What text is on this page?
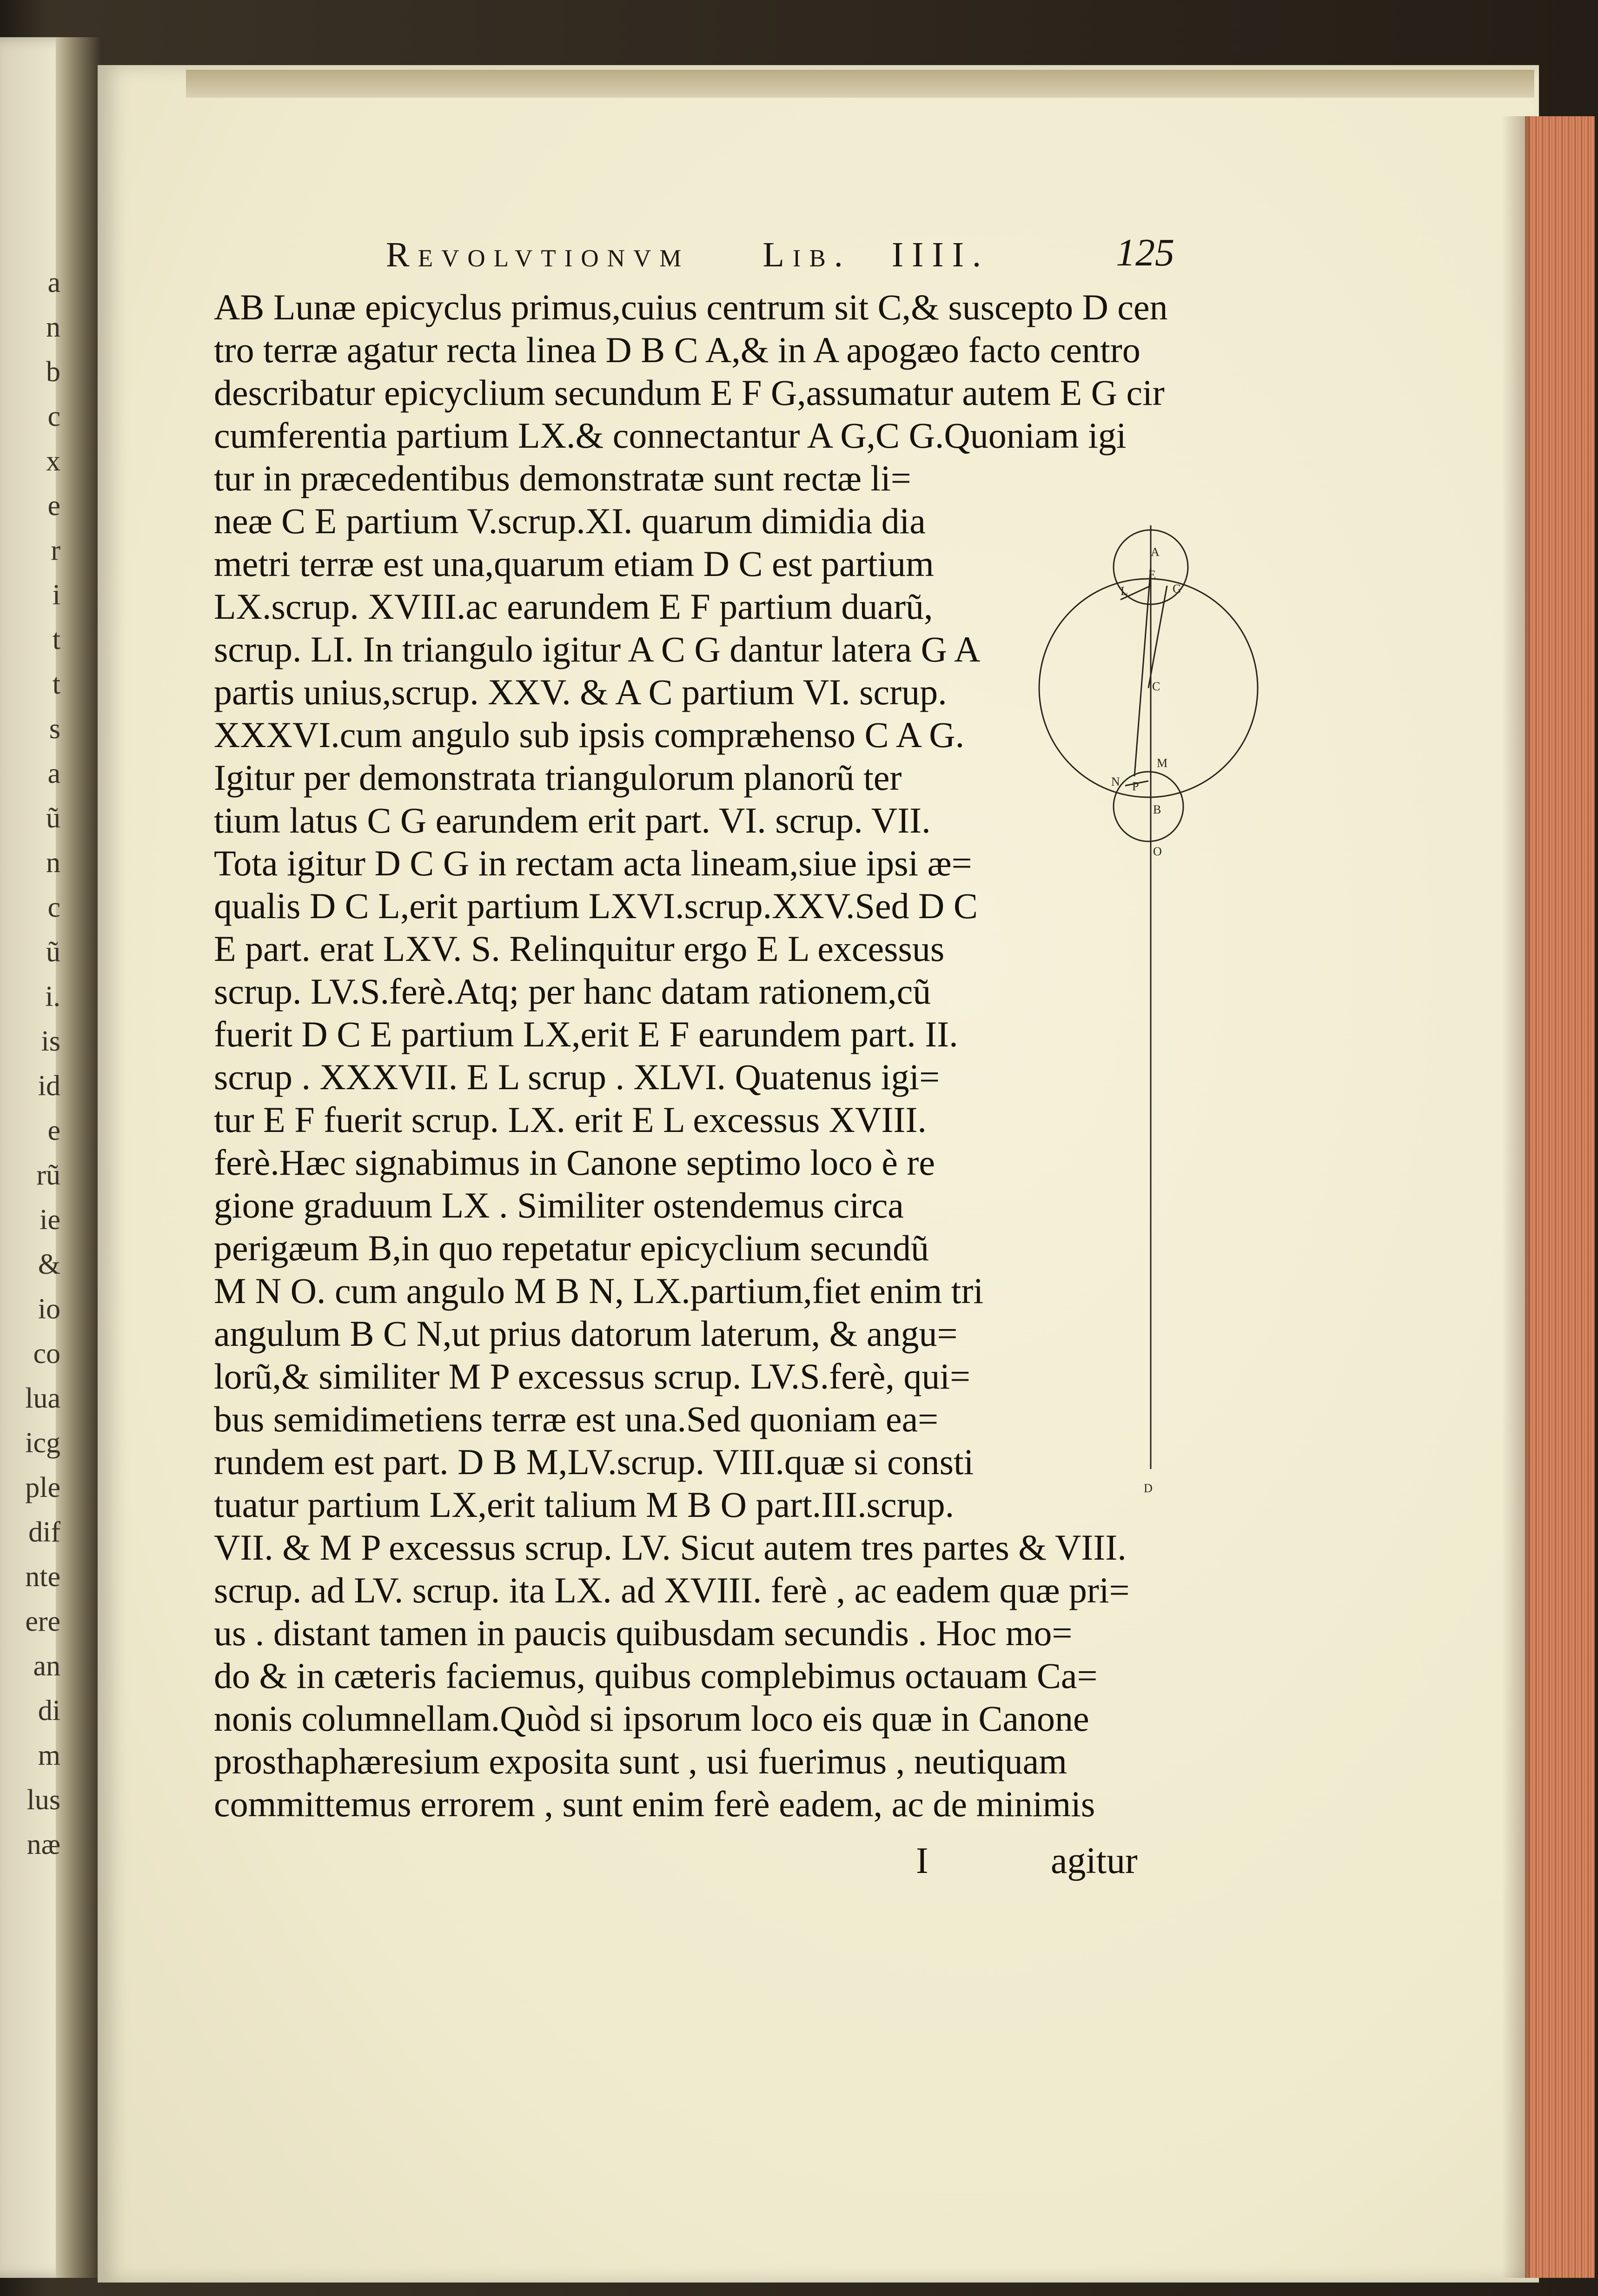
a
n
b
c
x
e
r
i
t
t
s
a
ũ
n
c
ũ
i.
is
id
e
rũ
ie
&
io
co
lua
icg
ple
dif
nte
ere
an
di
m
lus
næ
Revolvtionvm Lib. IIII.	125
AB Lunæ epicyclus primus,cuius centrum sit C,& suscepto D cen
tro terræ agatur recta linea D B C A,& in A apogæo facto centro
describatur epicyclium secundum E F G,assumatur autem E G cir
cumferentia partium LX.& connectantur A G,C G.Quoniam igi
tur in præcedentibus demonstratæ sunt rectæ li=
neæ C E partium V.scrup.XI. quarum dimidia dia
metri terræ est una,quarum etiam D C est partium
LX.scrup. XVIII.ac earundem E F partium duarũ,
scrup. LI. In triangulo igitur A C G dantur latera G A
partis unius,scrup. XXV. & A C partium VI. scrup.
XXXVI.cum angulo sub ipsis compræhenso C A G.
Igitur per demonstrata triangulorum planorũ ter
tium latus C G earundem erit part. VI. scrup. VII.
Tota igitur D C G in rectam acta lineam,siue ipsi æ=
qualis D C L,erit partium LXVI.scrup.XXV.Sed D C
E part. erat LXV. S. Relinquitur ergo E L excessus
scrup. LV.S.ferè.Atq; per hanc datam rationem,cũ
fuerit D C E partium LX,erit E F earundem part. II.
scrup . XXXVII. E L scrup . XLVI. Quatenus igi=
tur E F fuerit scrup. LX. erit E L excessus XVIII.
ferè.Hæc signabimus in Canone septimo loco è re
gione graduum LX . Similiter ostendemus circa
perigæum B,in quo repetatur epicyclium secundũ
M N O. cum angulo M B N, LX.partium,fiet enim tri
angulum B C N,ut prius datorum laterum, & angu=
lorũ,& similiter M P excessus scrup. LV.S.ferè, qui=
bus semidimetiens terræ est una.Sed quoniam ea=
rundem est part. D B M,LV.scrup. VIII.quæ si consti
tuatur partium LX,erit talium M B O part.III.scrup.
VII. & M P excessus scrup. LV. Sicut autem tres partes & VIII.
scrup. ad LV. scrup. ita LX. ad XVIII. ferè , ac eadem quæ pri=
us . distant tamen in paucis quibusdam secundis . Hoc mo=
do & in cæteris faciemus, quibus complebimus octauam Ca=
nonis columnellam.Quòd si ipsorum loco eis quæ in Canone
prosthaphæresium exposita sunt , usi fuerimus , neutiquam
committemus errorem , sunt enim ferè eadem, ac de minimis
A
E
L	G
C
M
N P
B
O
D
I	agitur
